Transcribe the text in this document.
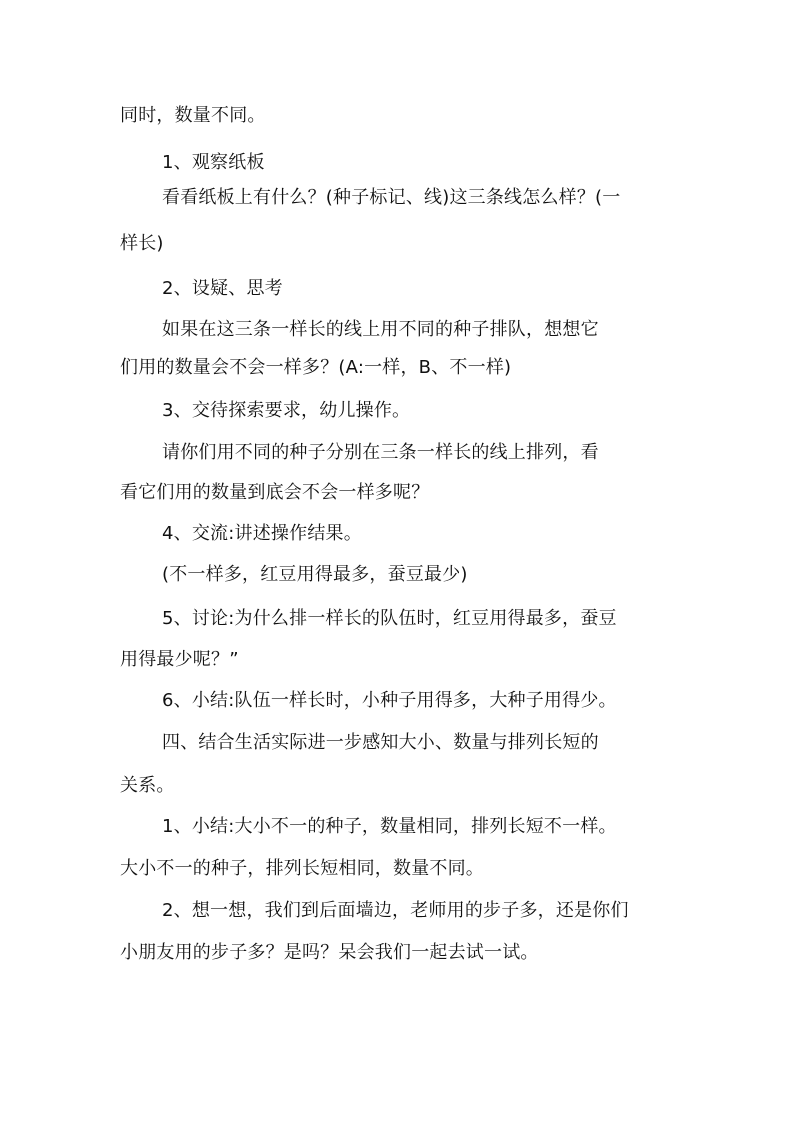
同时，数量不同。
1、观察纸板
看看纸板上有什么？(种子标记、线)这三条线怎么样？(一
样长)
2、设疑、思考
如果在这三条一样长的线上用不同的种子排队，想想它
们用的数量会不会一样多？(A:一样，B、不一样)
3、交待探索要求，幼儿操作。
请你们用不同的种子分别在三条一样长的线上排列，看
看它们用的数量到底会不会一样多呢？
4、交流:讲述操作结果。
(不一样多，红豆用得最多，蚕豆最少)
5、讨论:为什么排一样长的队伍时，红豆用得最多，蚕豆
用得最少呢？”
6、小结:队伍一样长时，小种子用得多，大种子用得少。
四、结合生活实际进一步感知大小、数量与排列长短的
关系。
1、小结:大小不一的种子，数量相同，排列长短不一样。
大小不一的种子，排列长短相同，数量不同。
2、想一想，我们到后面墙边，老师用的步子多，还是你们
小朋友用的步子多？是吗？呆会我们一起去试一试。
